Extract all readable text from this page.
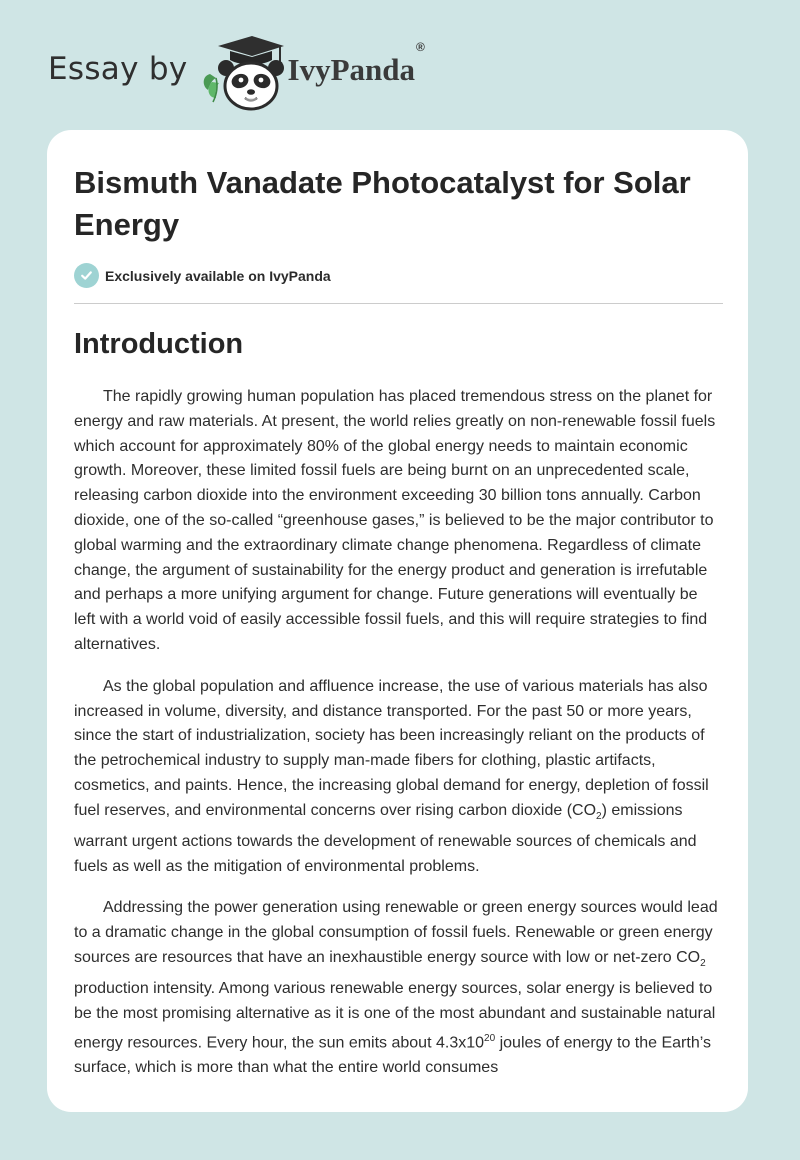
Essay by	IvyPanda®
Bismuth Vanadate Photocatalyst for Solar Energy
Exclusively available on IvyPanda
Introduction

The rapidly growing human population has placed tremendous stress on the planet for energy and raw materials. At present, the world relies greatly on non-renewable fossil fuels which account for approximately 80% of the global energy needs to maintain economic growth. Moreover, these limited fossil fuels are being burnt on an unprecedented scale, releasing carbon dioxide into the environment exceeding 30 billion tons annually. Carbon dioxide, one of the so-called “greenhouse gases,” is believed to be the major contributor to global warming and the extraordinary climate change phenomena. Regardless of climate change, the argument of sustainability for the energy product and generation is irrefutable and perhaps a more unifying argument for change. Future generations will eventually be left with a world void of easily accessible fossil fuels, and this will require strategies to find alternatives.

As the global population and affluence increase, the use of various materials has also increased in volume, diversity, and distance transported. For the past 50 or more years, since the start of industrialization, society has been increasingly reliant on the products of the petrochemical industry to supply man-made fibers for clothing, plastic artifacts, cosmetics, and paints. Hence, the increasing global demand for energy, depletion of fossil fuel reserves, and environmental concerns over rising carbon dioxide $(CO_2)$ emissions warrant urgent actions towards the development of renewable sources of chemicals and fuels as well as the mitigation of environmental problems.

Addressing the power generation using renewable or green energy sources would lead to a dramatic change in the global consumption of fossil fuels. Renewable or green energy sources are resources that have an inexhaustible energy source with low or net-zero $CO_2$ production intensity. Among various renewable energy sources, solar energy is believed to be the most promising alternative as it is one of the most abundant and sustainable natural energy resources. Every hour, the sun emits about $4.3x10^{20}$ joules of energy to the Earth’s surface, which is more than what the entire world consumes
